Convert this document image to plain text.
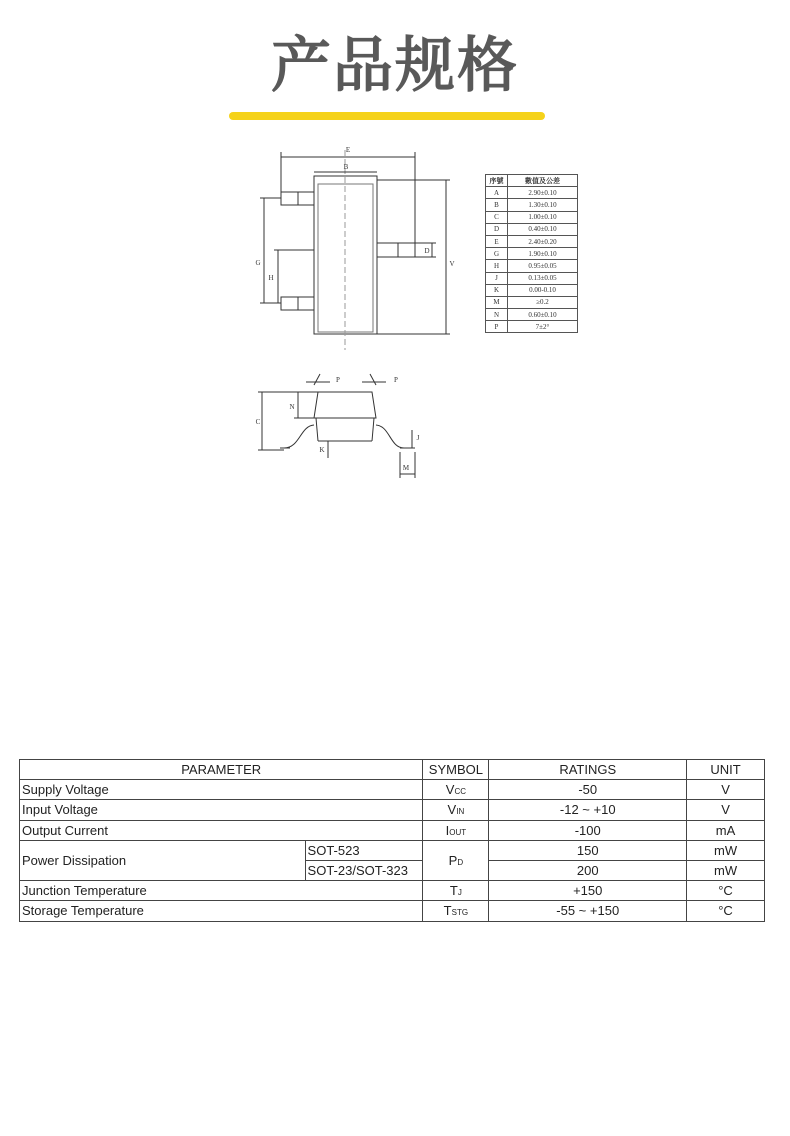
产品规格
E
B
V
D
G
H
P	P
C
N
K
J
M
序號	數值及公差
A	2.90±0.10
B	1.30±0.10
C	1.00±0.10
D	0.40±0.10
E	2.40±0.20
G	1.90±0.10
H	0.95±0.05
J	0.13±0.05
K	0.00-0.10
M	≥0.2
N	0.60±0.10
P	7±2°
PARAMETER		SYMBOL	RATINGS	UNIT
Supply Voltage		VCC	-50	V
Input Voltage		VIN	-12 ~ +10	V
Output Current		IOUT	-100	mA
Power Dissipation	SOT-523	PD	150	mW
	SOT-23/SOT-323		200	mW
Junction Temperature		TJ	+150	°C
Storage Temperature		TSTG	-55 ~ +150	°C
